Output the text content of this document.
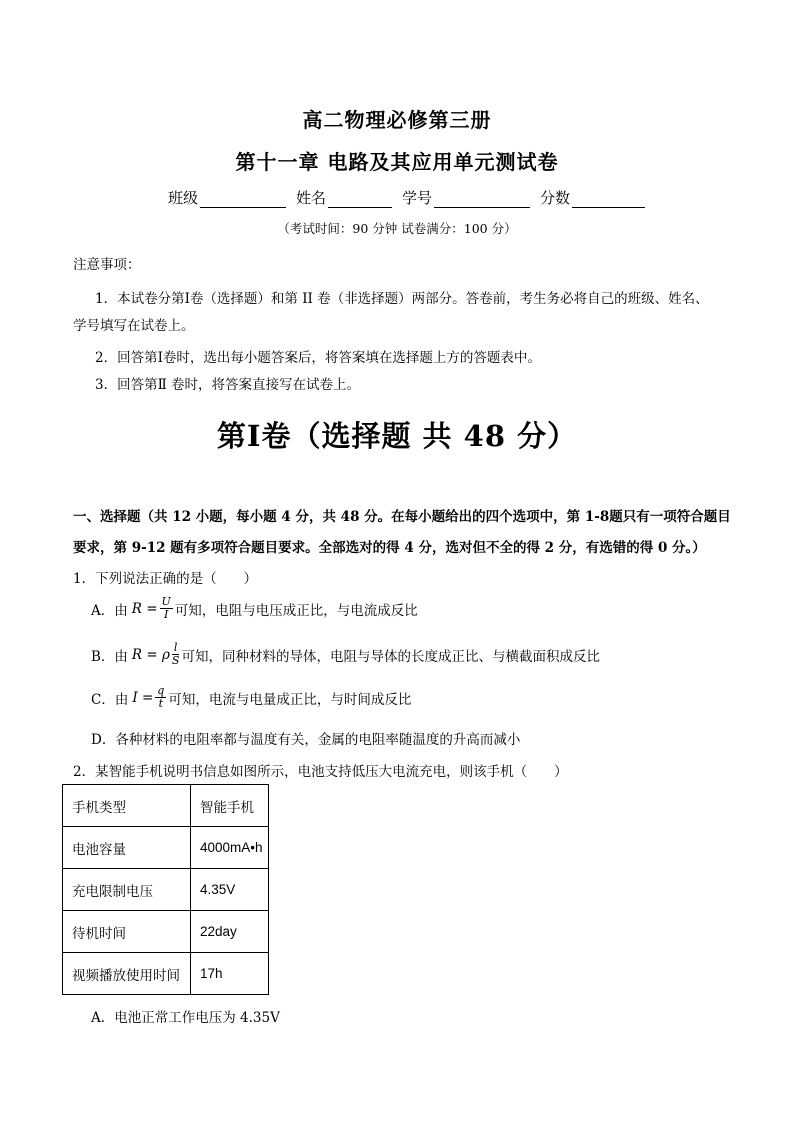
高二物理必修第三册
第十一章 电路及其应用单元测试卷
班级	姓名	学号	分数
（考试时间：90 分钟 试卷满分：100 分）
注意事项：
1．本试卷分第Ⅰ卷（选择题）和第 II 卷（非选择题）两部分。答卷前，考生务必将自己的班级、姓名、
学号填写在试卷上。
2．回答第Ⅰ卷时，选出每小题答案后，将答案填在选择题上方的答题表中。
3．回答第Ⅱ 卷时，将答案直接写在试卷上。
第Ⅰ卷（选择题 共 48 分）
一、选择题（共 12 小题，每小题 4 分，共 48 分。在每小题给出的四个选项中，第 1-8题只有一项符合题目
要求，第 9-12 题有多项符合题目要求。全部选对的得 4 分，选对但不全的得 2 分，有选错的得 0 分。）
1．下列说法正确的是（　　）
A．由 $R = \frac{U}{I}$ 可知，电阻与电压成正比，与电流成反比
B．由 R = ρ $\frac{l}{S}$ 可知，同种材料的导体，电阻与导体的长度成正比、与横截面积成反比
C．由 $I = \frac{q}{t}$ 可知，电流与电量成正比，与时间成反比
D．各种材料的电阻率都与温度有关，金属的电阻率随温度的升高而减小
2．某智能手机说明书信息如图所示，电池支持低压大电流充电，则该手机（　　）
手机类型	智能手机
电池容量	4000mA•h
充电限制电压	4.35V
待机时间	22day
视频播放使用时间	17h
A．电池正常工作电压为 4.35V
